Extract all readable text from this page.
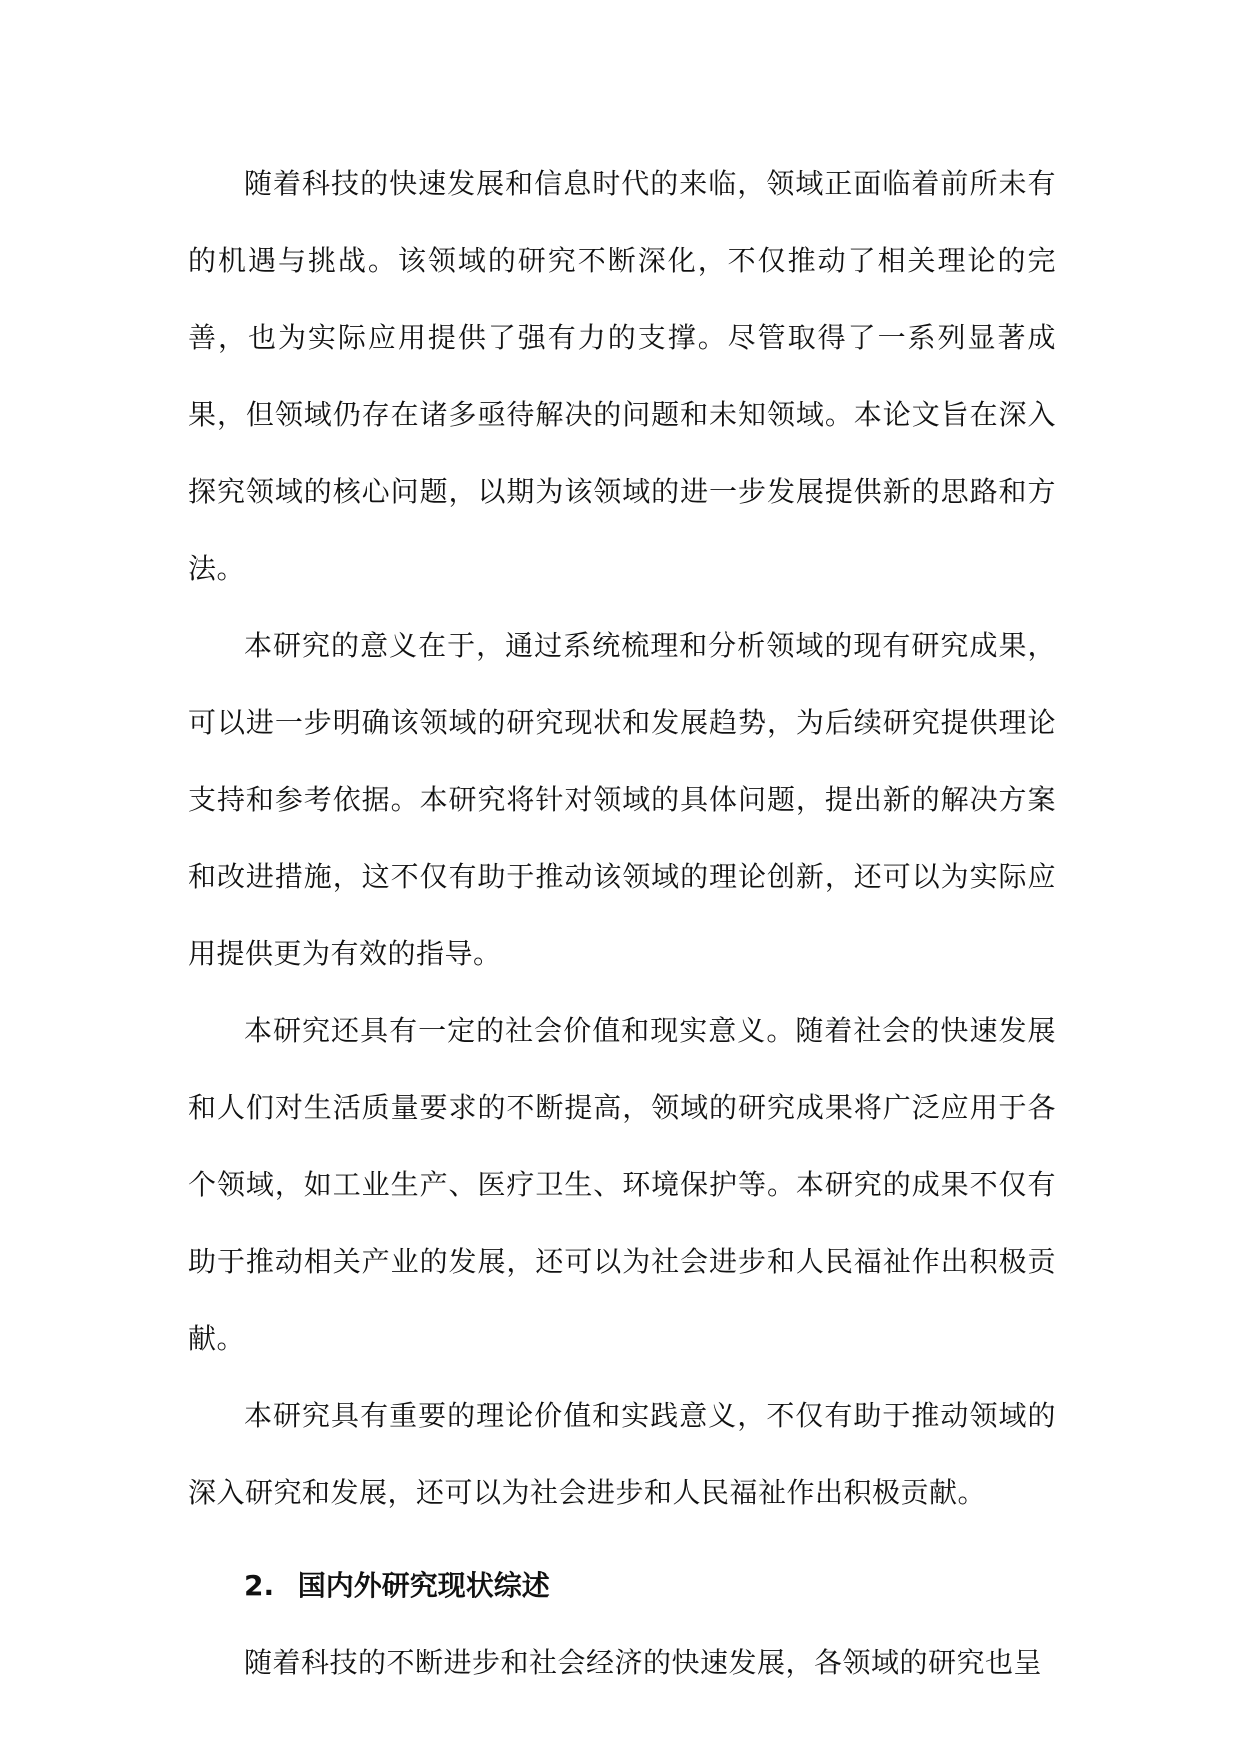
随着科技的快速发展和信息时代的来临，领域正面临着前所未有的机遇与挑战。该领域的研究不断深化，不仅推动了相关理论的完善，也为实际应用提供了强有力的支撑。尽管取得了一系列显著成果，但领域仍存在诸多亟待解决的问题和未知领域。本论文旨在深入探究领域的核心问题，以期为该领域的进一步发展提供新的思路和方法。

本研究的意义在于，通过系统梳理和分析领域的现有研究成果，可以进一步明确该领域的研究现状和发展趋势，为后续研究提供理论支持和参考依据。本研究将针对领域的具体问题，提出新的解决方案和改进措施，这不仅有助于推动该领域的理论创新，还可以为实际应用提供更为有效的指导。

本研究还具有一定的社会价值和现实意义。随着社会的快速发展和人们对生活质量要求的不断提高，领域的研究成果将广泛应用于各个领域，如工业生产、医疗卫生、环境保护等。本研究的成果不仅有助于推动相关产业的发展，还可以为社会进步和人民福祉作出积极贡献。

本研究具有重要的理论价值和实践意义，不仅有助于推动领域的深入研究和发展，还可以为社会进步和人民福祉作出积极贡献。

2. 国内外研究现状综述

随着科技的不断进步和社会经济的快速发展，各领域的研究也呈
